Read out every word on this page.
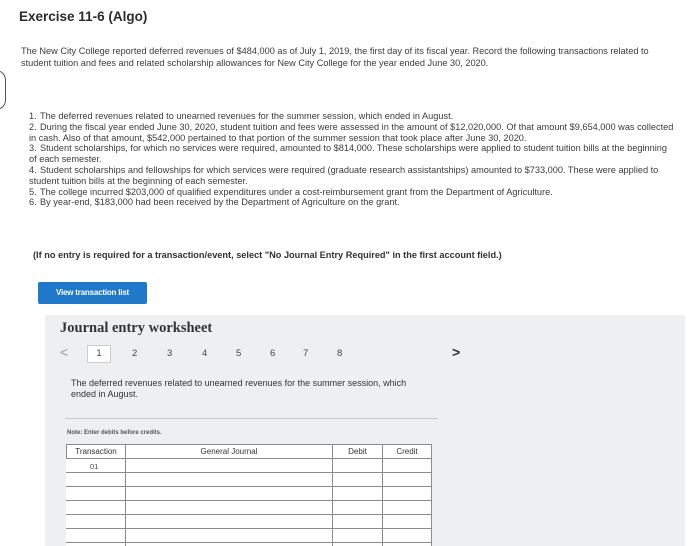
Exercise 11-6 (Algo)

The New City College reported deferred revenues of $484,000 as of July 1, 2019, the first day of its fiscal year. Record the following transactions related to student tuition and fees and related scholarship allowances for New City College for the year ended June 30, 2020.

1. The deferred revenues related to unearned revenues for the summer session, which ended in August.
2. During the fiscal year ended June 30, 2020, student tuition and fees were assessed in the amount of $12,020,000. Of that amount $9,654,000 was collected in cash. Also of that amount, $542,000 pertained to that portion of the summer session that took place after June 30, 2020.
3. Student scholarships, for which no services were required, amounted to $814,000. These scholarships were applied to student tuition bills at the beginning of each semester.
4. Student scholarships and fellowships for which services were required (graduate research assistantships) amounted to $733,000. These were applied to student tuition bills at the beginning of each semester.
5. The college incurred $203,000 of qualified expenditures under a cost-reimbursement grant from the Department of Agriculture.
6. By year-end, $183,000 had been received by the Department of Agriculture on the grant.

(If no entry is required for a transaction/event, select "No Journal Entry Required" in the first account field.)

View transaction list
Journal entry worksheet
<	1	2	3	4	5	6	7	8	>

The deferred revenues related to unearned revenues for the summer session, which ended in August.

Note: Enter debits before credits.

Transaction	General Journal	Debit	Credit
01
